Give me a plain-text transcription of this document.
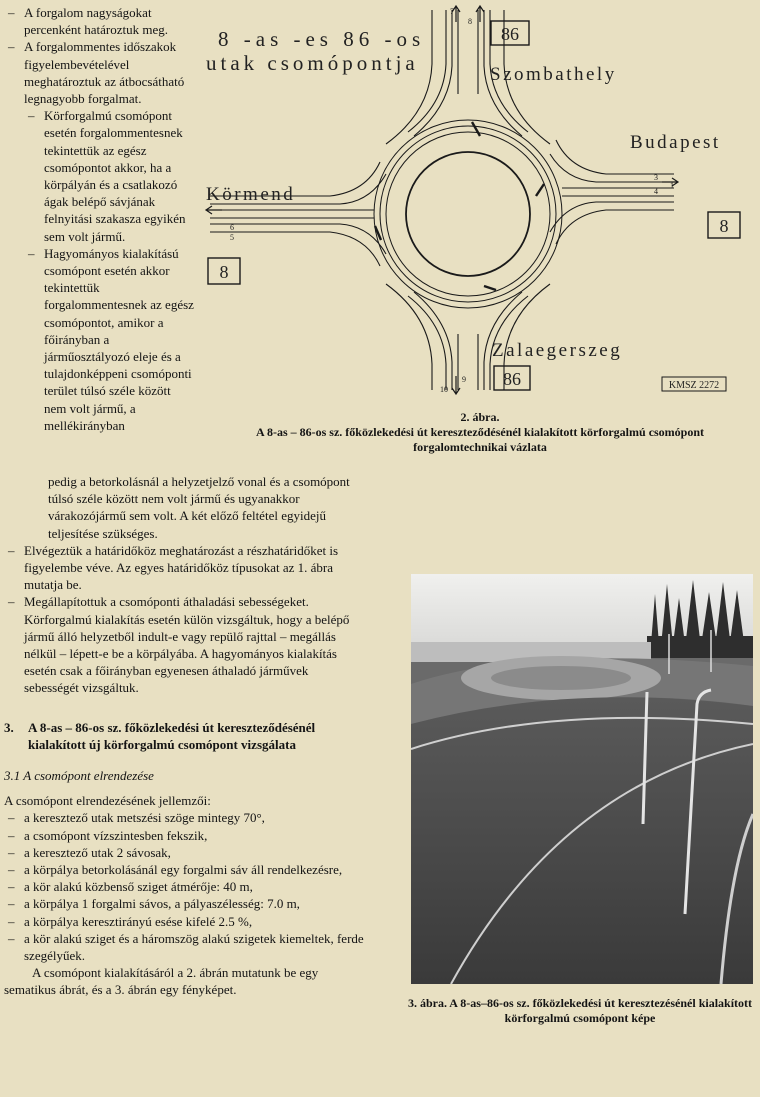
– A forgalom nagyságokat percenként határoztuk meg.
– A forgalommentes időszakok figyelembevételével meghatároztuk az átbocsátható legnagyobb forgalmat.
– Körforgalmú csomópont esetén forgalommentesnek tekintettük az egész csomópontot akkor, ha a körpályán és a csatlakozó ágak belépő sávjának felnyitási szakasza egyikén sem volt jármű.
– Hagyományos kialakítású csomópont esetén akkor tekintettük forgalommentesnek az egész csomópontot, amikor a főirányban a járműosztályozó eleje és a tulajdonképpeni csomóponti terület túlsó széle között nem volt jármű, a mellékirányban
pedig a betorkolásnál a helyzetjelző vonal és a csomópont túlsó széle között nem volt jármű és ugyanakkor várakozójármű sem volt. A két előző feltétel egyidejű teljesítése szükséges.
– Elvégeztük a határidőköz meghatározást a részhatáridőket is figyelembe véve. Az egyes határidőköz típusokat az 1. ábra mutatja be.
– Megállapítottuk a csomóponti áthaladási sebességeket. Körforgalmú kialakítás esetén külön vizsgáltuk, hogy a belépő jármű álló helyzetből indult-e vagy repülő rajttal – megállás nélkül – lépett-e be a körpályába. A hagyományos kialakítás esetén csak a főirányban egyenesen áthaladó járművek sebességét vizsgáltuk.
3.	A 8-as – 86-os sz. főközlekedési út kereszteződésénél kialakított új körforgalmú csomópont vizsgálata
3.1 A csomópont elrendezése
A csomópont elrendezésének jellemzői:
– a keresztező utak metszési szöge mintegy 70°,
– a csomópont vízszintesben fekszik,
– a keresztező utak 2 sávosak,
– a körpálya betorkolásánál egy forgalmi sáv áll rendelkezésre,
– a kör alakú közbenső sziget átmérője: 40 m,
– a körpálya 1 forgalmi sávos, a pályaszélesség: 7.0 m,
– a körpálya keresztirányú esése kifelé 2.5 %,
– a kör alakú sziget és a háromszög alakú szigetek kiemeltek, ferde szegélyűek.
A csomópont kialakításáról a 2. ábrán mutatunk be egy sematikus ábrát, és a 3. ábrán egy fényképet.
8 -as -es 86 -os
utak csomópontja	Szombathely
Budapest
Körmend
Zalaegerszeg
86
8
8
86
7
8
3
4
1
6
5
10
9
KMSZ 2272
2. ábra.
A 8-as – 86-os sz. főközlekedési út kereszteződésénél kialakított körforgalmú csomópont forgalomtechnikai vázlata
3. ábra. A 8-as–86-os sz. főközlekedési út keresztezésénél kialakított körforgalmú csomópont képe
